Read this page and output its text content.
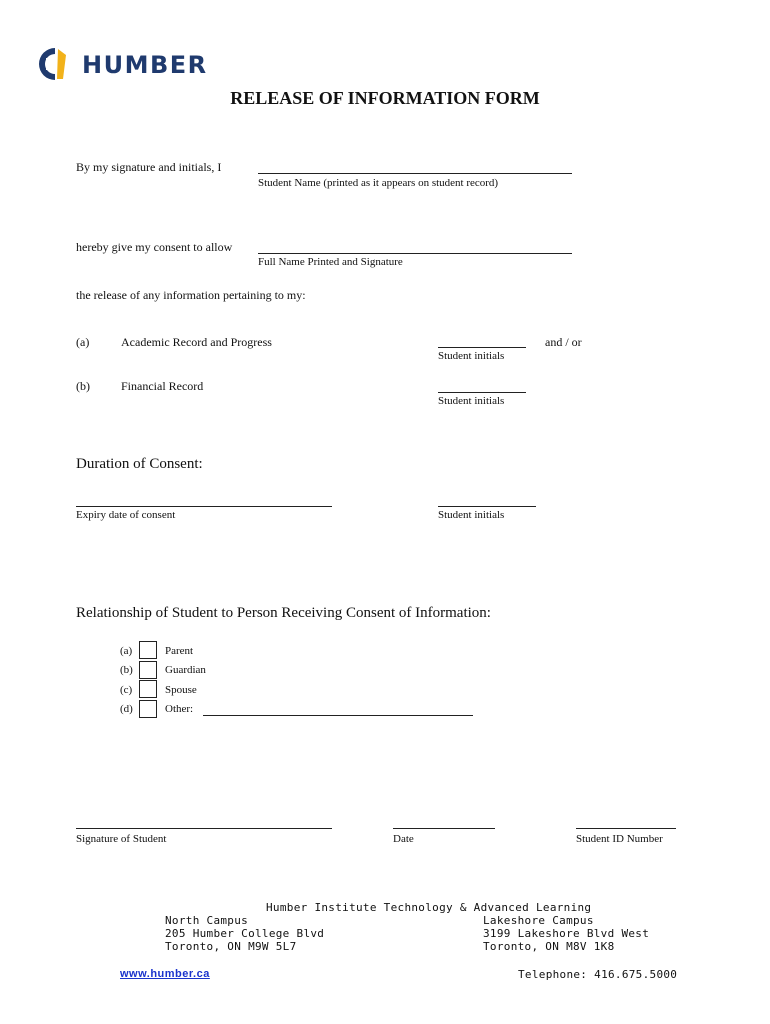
HUMBER
RELEASE OF INFORMATION FORM
By my signature and initials, I
Student Name (printed as it appears on student record)
hereby give my consent to allow
Full Name Printed and Signature
the release of any information pertaining to my:
(a)	Academic Record and Progress
Student initials
and / or
(b)	Financial Record
Student initials
Duration of Consent:
Expiry date of consent	Student initials
Relationship of Student to Person Receiving Consent of Information:
(a)	Parent
(b)	Guardian
(c)	Spouse
(d)	Other:
Signature of Student	Date	Student ID Number
Humber Institute Technology & Advanced Learning
North Campus
205 Humber College Blvd
Toronto, ON M9W 5L7
Lakeshore Campus
3199 Lakeshore Blvd West
Toronto, ON M8V 1K8
www.humber.ca	Telephone: 416.675.5000
